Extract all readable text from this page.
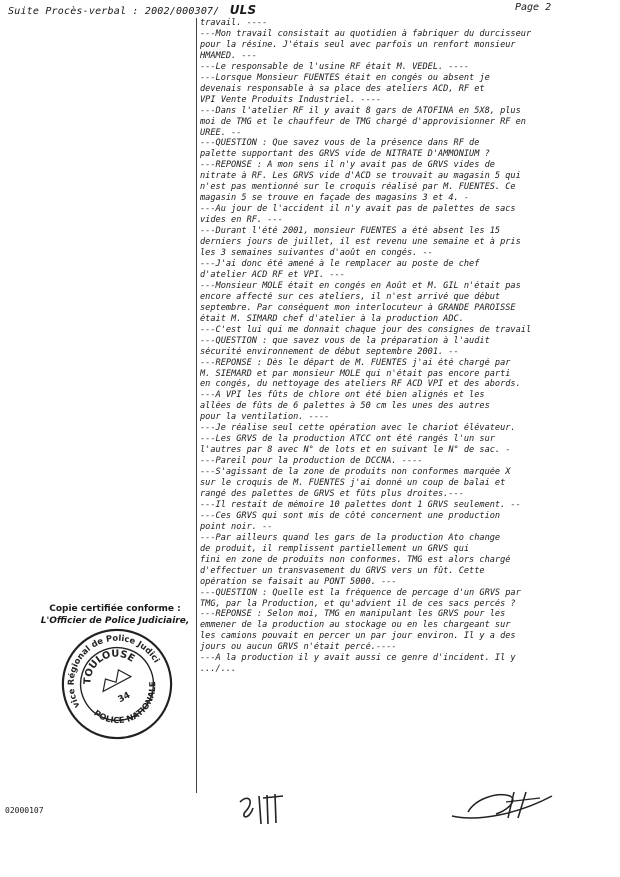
Suite Procès-verbal : 2002/000307/ ULS	Page 2
travail. ----
---Mon travail consistait au quotidien à fabriquer du durcisseur
pour la résine. J'étais seul avec parfois un renfort monsieur
HMAMED. ---
---Le responsable de l'usine RF était M. VEDEL. ----
---Lorsque Monsieur FUENTES était en congés ou absent je
devenais responsable à sa place des ateliers ACD, RF et
VPI Vente Produits Industriel. ----
---Dans l'atelier RF il y avait 8 gars de ATOFINA en 5X8, plus
moi de TMG et le chauffeur de TMG chargé d'approvisionner RF en
UREE. --
---QUESTION : Que savez vous de la présence dans RF de
palette supportant des GRVS vide de NITRATE D'AMMONIUM ?
---REPONSE : A mon sens il n'y avait pas de GRVS vides de
nitrate à RF. Les GRVS vide d'ACD se trouvait au magasin 5 qui
n'est pas mentionné sur le croquis réalisé par M. FUENTES. Ce
magasin 5 se trouve en façade des magasins 3 et 4. -
---Au jour de l'accident il n'y avait pas de palettes de sacs
vides en RF. ---
---Durant l'été 2001, monsieur FUENTES a été absent les 15
derniers jours de juillet, il est revenu une semaine et à pris
les 3 semaines suivantes d'août en congés. --
---J'ai donc été amené à le remplacer au poste de chef
d'atelier ACD RF et VPI. ---
---Monsieur MOLE était en congés en Août et M. GIL n'était pas
encore affecté sur ces ateliers, il n'est arrivé que début
septembre. Par conséquent mon interlocuteur à GRANDE PAROISSE
était M. SIMARD chef d'atelier à la production ADC.
---C'est lui qui me donnait chaque jour des consignes de travail
---QUESTION : que savez vous de la préparation à l'audit
sécurité environnement de début septembre 2001. --
---REPONSE : Dès le départ de M. FUENTES j'ai été chargé par
M. SIEMARD et par monsieur MOLE qui n'était pas encore parti
en congés, du nettoyage des ateliers RF ACD VPI et des abords.
---A VPI les fûts de chlore ont été bien alignés et les
allées de fûts de 6 palettes à 50 cm les unes des autres
pour la ventilation. ----
---Je réalise seul cette opération avec le chariot élévateur.
---Les GRVS de la production ATCC ont été rangés l'un sur
l'autres par 8 avec N° de lots et en suivant le N° de sac. -
---Pareil pour la production de DCCNA. ----
---S'agissant de la zone de produits non conformes marquée X
sur le croquis de M. FUENTES j'ai donné un coup de balai et
rangé des palettes de GRVS et fûts plus droites.---
---Il restait de mémoire 10 palettes dont 1 GRVS seulement. --
---Ces GRVS qui sont mis de côté concernent une production
point noir. --
---Par ailleurs quand les gars de la production Ato change
de produit, il remplissent partiellement un GRVS qui
fini en zone de produits non conformes. TMG est alors chargé
d'effectuer un transvasement du GRVS vers un fût. Cette
opération se faisait au PONT 5000. ---
---QUESTION : Quelle est la fréquence de percage d'un GRVS par
TMG, par la Production, et qu'advient il de ces sacs percés ?
---REPONSE : Selon moi, TMG en manipulant les GRVS pour les
emmener de la production au stockage ou en les chargeant sur
les camions pouvait en percer un par jour environ. Il y a des
jours ou aucun GRVS n'était percé.----
---A la production il y avait aussi ce genre d'incident. Il y
.../...
Copie certifiée conforme :
L'Officier de Police Judiciaire,
Service Régional de Police Judiciaire
TOULOUSE
POLICE NATIONALE
34
02000107
